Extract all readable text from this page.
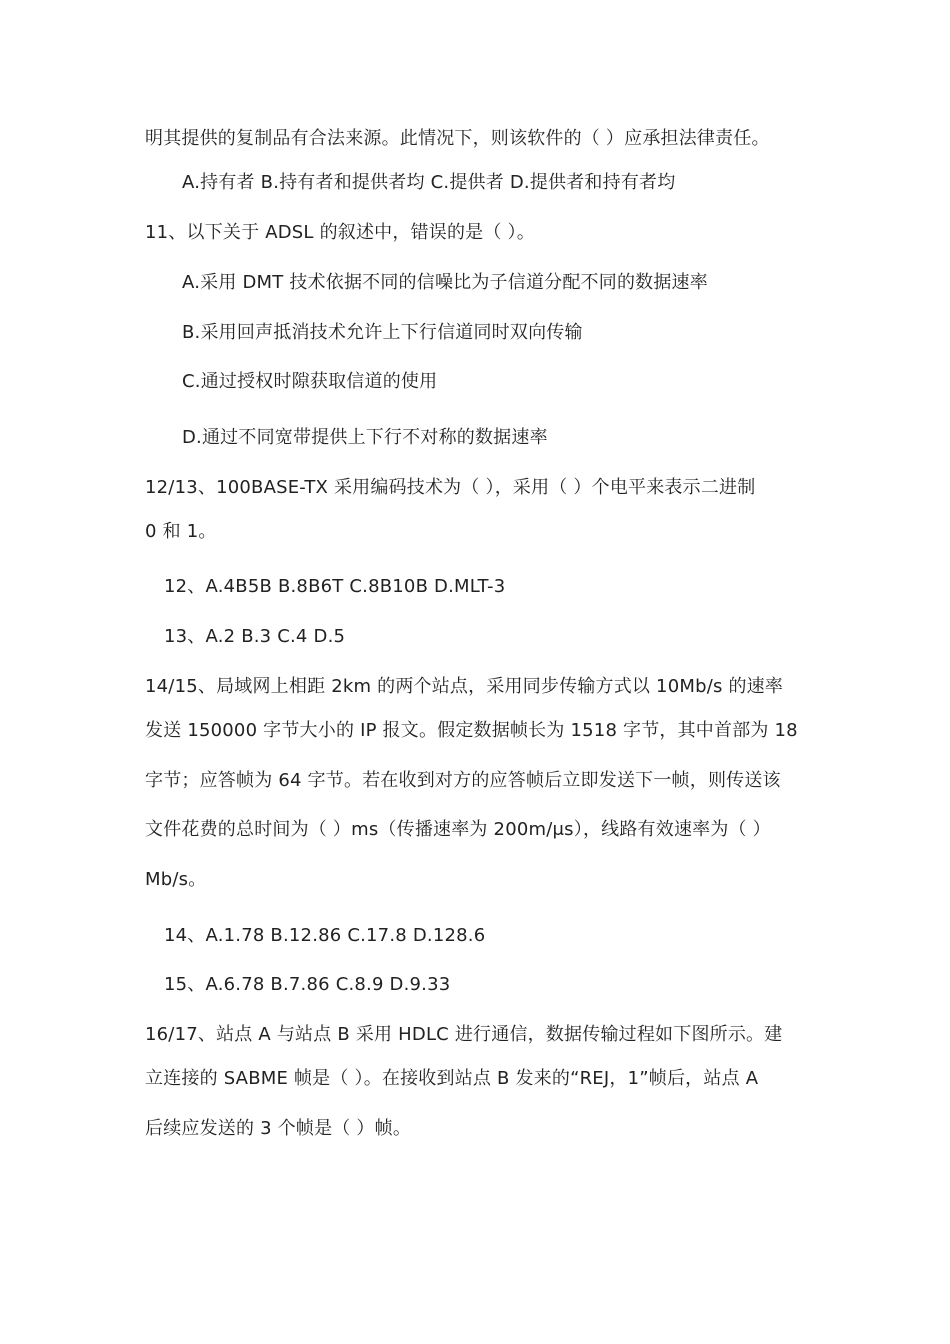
明其提供的复制品有合法来源。此情况下，则该软件的（ ）应承担法律责任。
A.持有者 B.持有者和提供者均 C.提供者 D.提供者和持有者均
11、以下关于 ADSL 的叙述中，错误的是（ ）。
A.采用 DMT 技术依据不同的信噪比为子信道分配不同的数据速率
B.采用回声抵消技术允许上下行信道同时双向传输
C.通过授权时隙获取信道的使用
D.通过不同宽带提供上下行不对称的数据速率
12/13、100BASE-TX 采用编码技术为（ ），采用（ ）个电平来表示二进制
0 和 1。
12、A.4B5B B.8B6T C.8B10B D.MLT-3
13、A.2 B.3 C.4 D.5
14/15、局域网上相距 2km 的两个站点，采用同步传输方式以 10Mb/s 的速率
发送 150000 字节大小的 IP 报文。假定数据帧长为 1518 字节，其中首部为 18
字节；应答帧为 64 字节。若在收到对方的应答帧后立即发送下一帧，则传送该
文件花费的总时间为（ ）ms（传播速率为 200m/μs），线路有效速率为（ ）
Mb/s。
14、A.1.78 B.12.86 C.17.8 D.128.6
15、A.6.78 B.7.86 C.8.9 D.9.33
16/17、站点 A 与站点 B 采用 HDLC 进行通信，数据传输过程如下图所示。建
立连接的 SABME 帧是（ ）。在接收到站点 B 发来的“REJ，1”帧后，站点 A
后续应发送的 3 个帧是（ ）帧。
